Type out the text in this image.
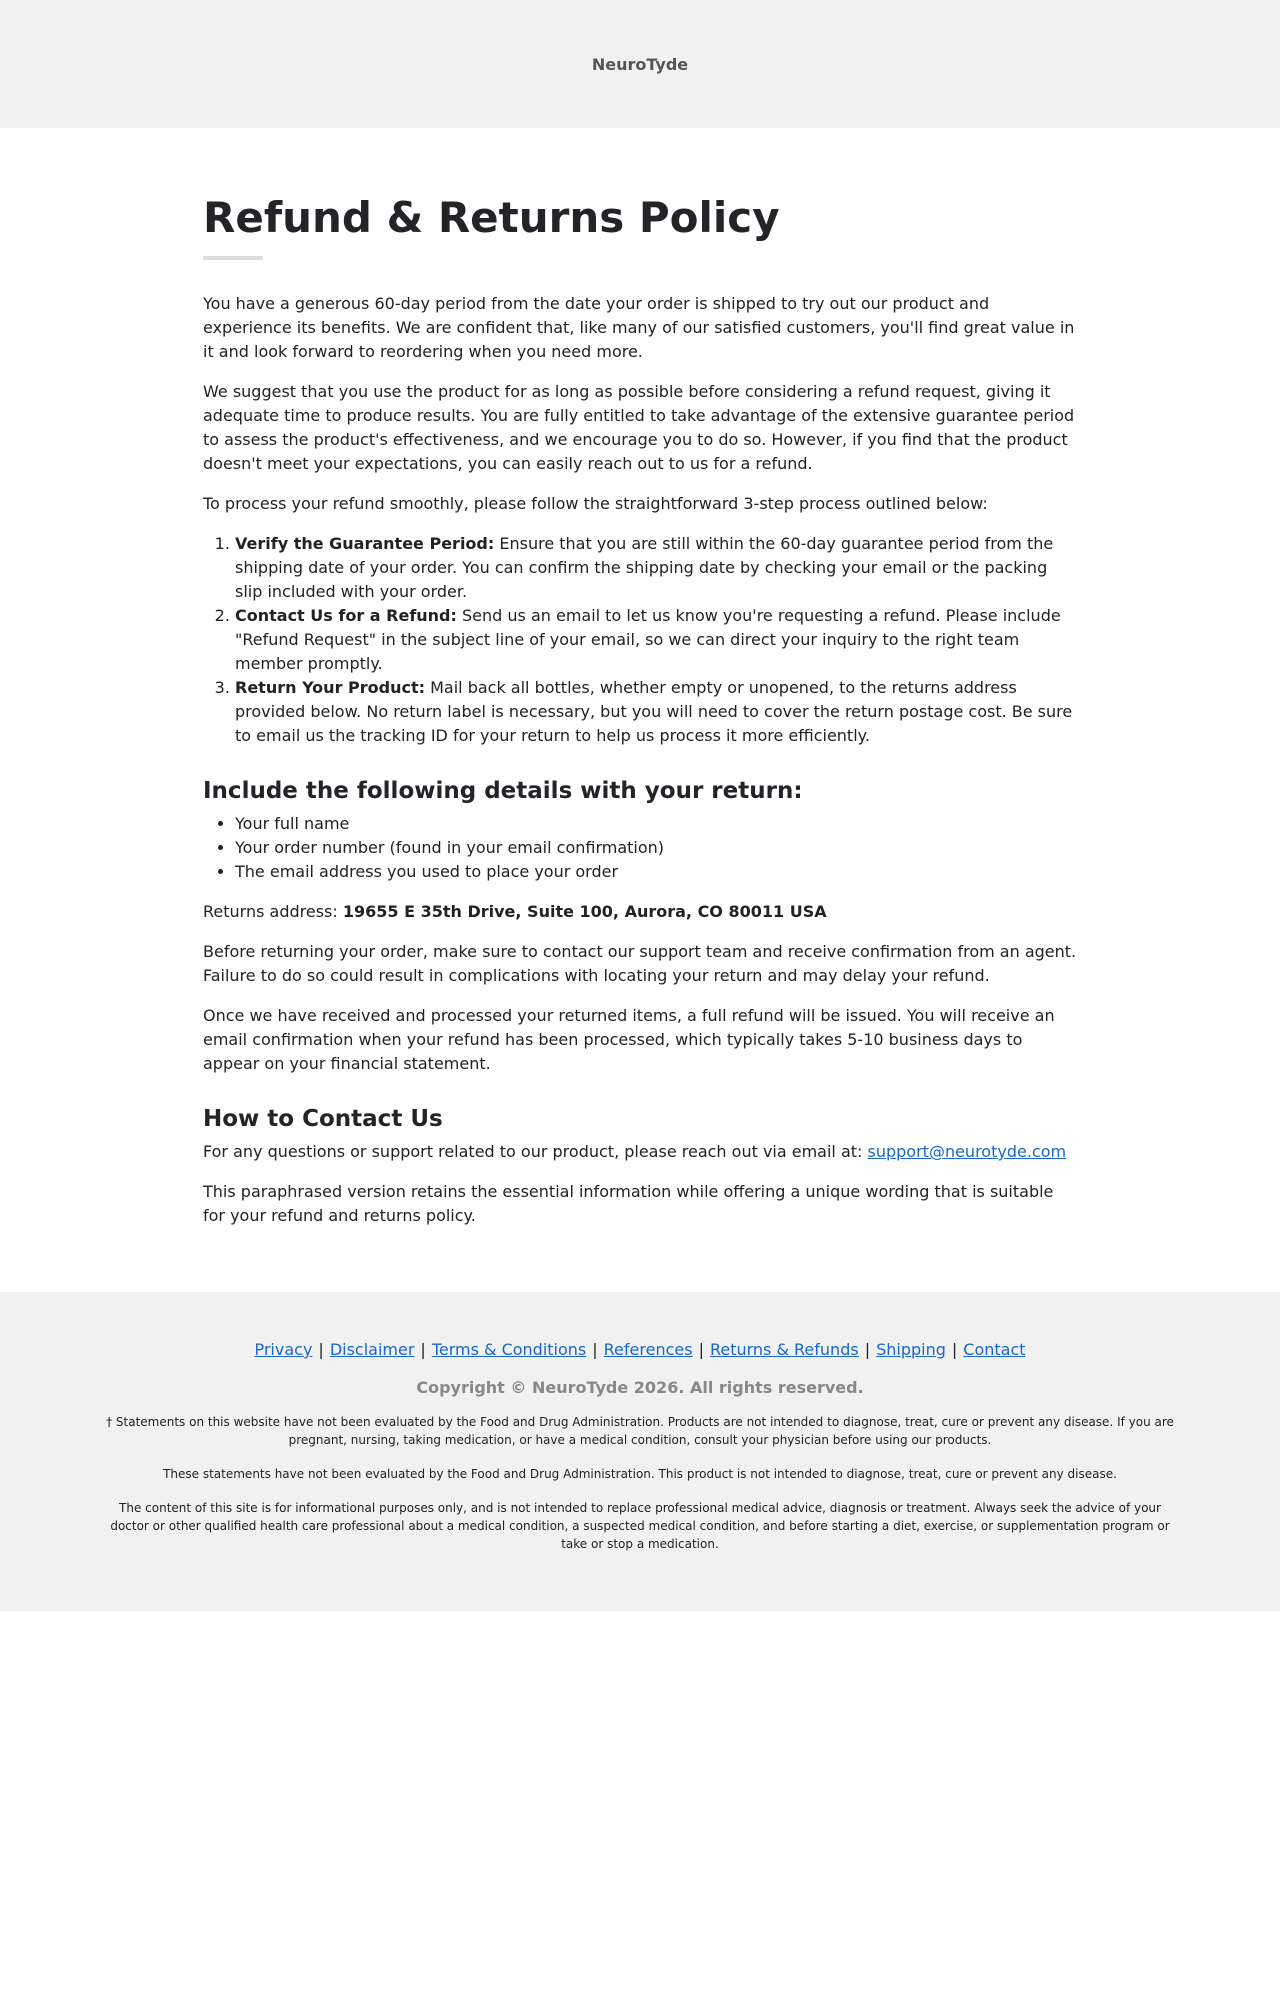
NeuroTyde
Refund & Returns Policy

You have a generous 60-day period from the date your order is shipped to try out our product and experience its benefits. We are confident that, like many of our satisfied customers, you'll find great value in it and look forward to reordering when you need more.

We suggest that you use the product for as long as possible before considering a refund request, giving it adequate time to produce results. You are fully entitled to take advantage of the extensive guarantee period to assess the product's effectiveness, and we encourage you to do so. However, if you find that the product doesn't meet your expectations, you can easily reach out to us for a refund.

To process your refund smoothly, please follow the straightforward 3-step process outlined below:

1. Verify the Guarantee Period: Ensure that you are still within the 60-day guarantee period from the shipping date of your order. You can confirm the shipping date by checking your email or the packing slip included with your order.
2. Contact Us for a Refund: Send us an email to let us know you're requesting a refund. Please include "Refund Request" in the subject line of your email, so we can direct your inquiry to the right team member promptly.
3. Return Your Product: Mail back all bottles, whether empty or unopened, to the returns address provided below. No return label is necessary, but you will need to cover the return postage cost. Be sure to email us the tracking ID for your return to help us process it more efficiently.
Include the following details with your return:
• Your full name
• Your order number (found in your email confirmation)
• The email address you used to place your order

Returns address: 19655 E 35th Drive, Suite 100, Aurora, CO 80011 USA

Before returning your order, make sure to contact our support team and receive confirmation from an agent. Failure to do so could result in complications with locating your return and may delay your refund.

Once we have received and processed your returned items, a full refund will be issued. You will receive an email confirmation when your refund has been processed, which typically takes 5-10 business days to appear on your financial statement.

How to Contact Us

For any questions or support related to our product, please reach out via email at: support@neurotyde.com

This paraphrased version retains the essential information while offering a unique wording that is suitable for your refund and returns policy.

Privacy | Disclaimer | Terms & Conditions | References | Returns & Refunds | Shipping | Contact
Copyright © NeuroTyde 2026. All rights reserved.

† Statements on this website have not been evaluated by the Food and Drug Administration. Products are not intended to diagnose, treat, cure or prevent any disease. If you are pregnant, nursing, taking medication, or have a medical condition, consult your physician before using our products.

These statements have not been evaluated by the Food and Drug Administration. This product is not intended to diagnose, treat, cure or prevent any disease.

The content of this site is for informational purposes only, and is not intended to replace professional medical advice, diagnosis or treatment. Always seek the advice of your doctor or other qualified health care professional about a medical condition, a suspected medical condition, and before starting a diet, exercise, or supplementation program or take or stop a medication.
